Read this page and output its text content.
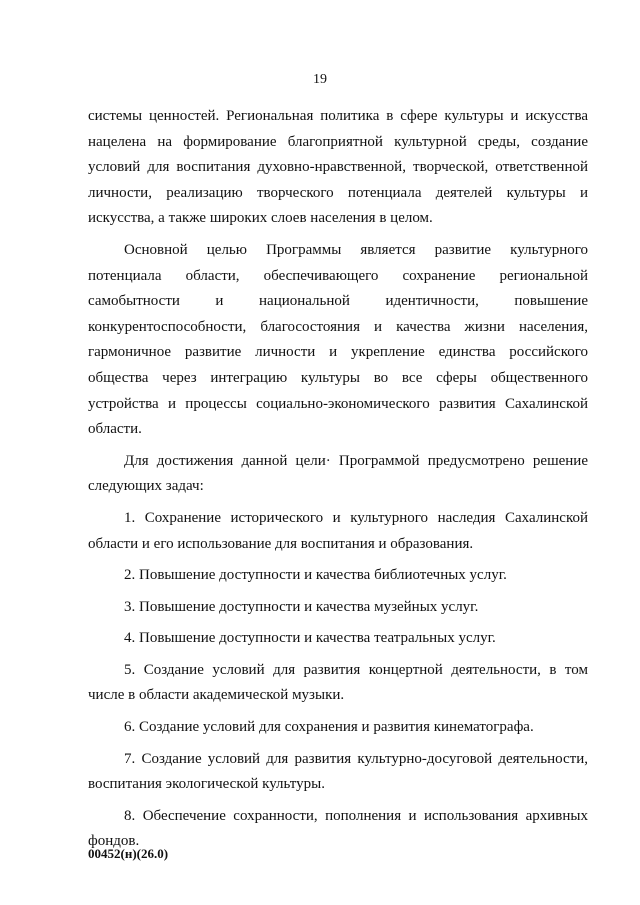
19

системы ценностей. Региональная политика в сфере культуры и искусства нацелена на формирование благоприятной культурной среды, создание условий для воспитания духовно-нравственной, творческой, ответственной личности, реализацию творческого потенциала деятелей культуры и искусства, а также широких слоев населения в целом.

Основной целью Программы является развитие культурного потенциала области, обеспечивающего сохранение региональной самобытности и национальной идентичности, повышение конкурентоспособности, благосостояния и качества жизни населения, гармоничное развитие личности и укрепление единства российского общества через интеграцию культуры во все сферы общественного устройства и процессы социально-экономического развития Сахалинской области.

Для достижения данной цели· Программой предусмотрено решение следующих задач:

1. Сохранение исторического и культурного наследия Сахалинской области и его использование для воспитания и образования.

2. Повышение доступности и качества библиотечных услуг.

3. Повышение доступности и качества музейных услуг.

4. Повышение доступности и качества театральных услуг.

5. Создание условий для развития концертной деятельности, в том числе в области академической музыки.

6. Создание условий для сохранения и развития кинематографа.

7. Создание условий для развития культурно-досуговой деятельности, воспитания экологической культуры.

8. Обеспечение сохранности, пополнения и использования архивных фондов.

00452(н)(26.0)
